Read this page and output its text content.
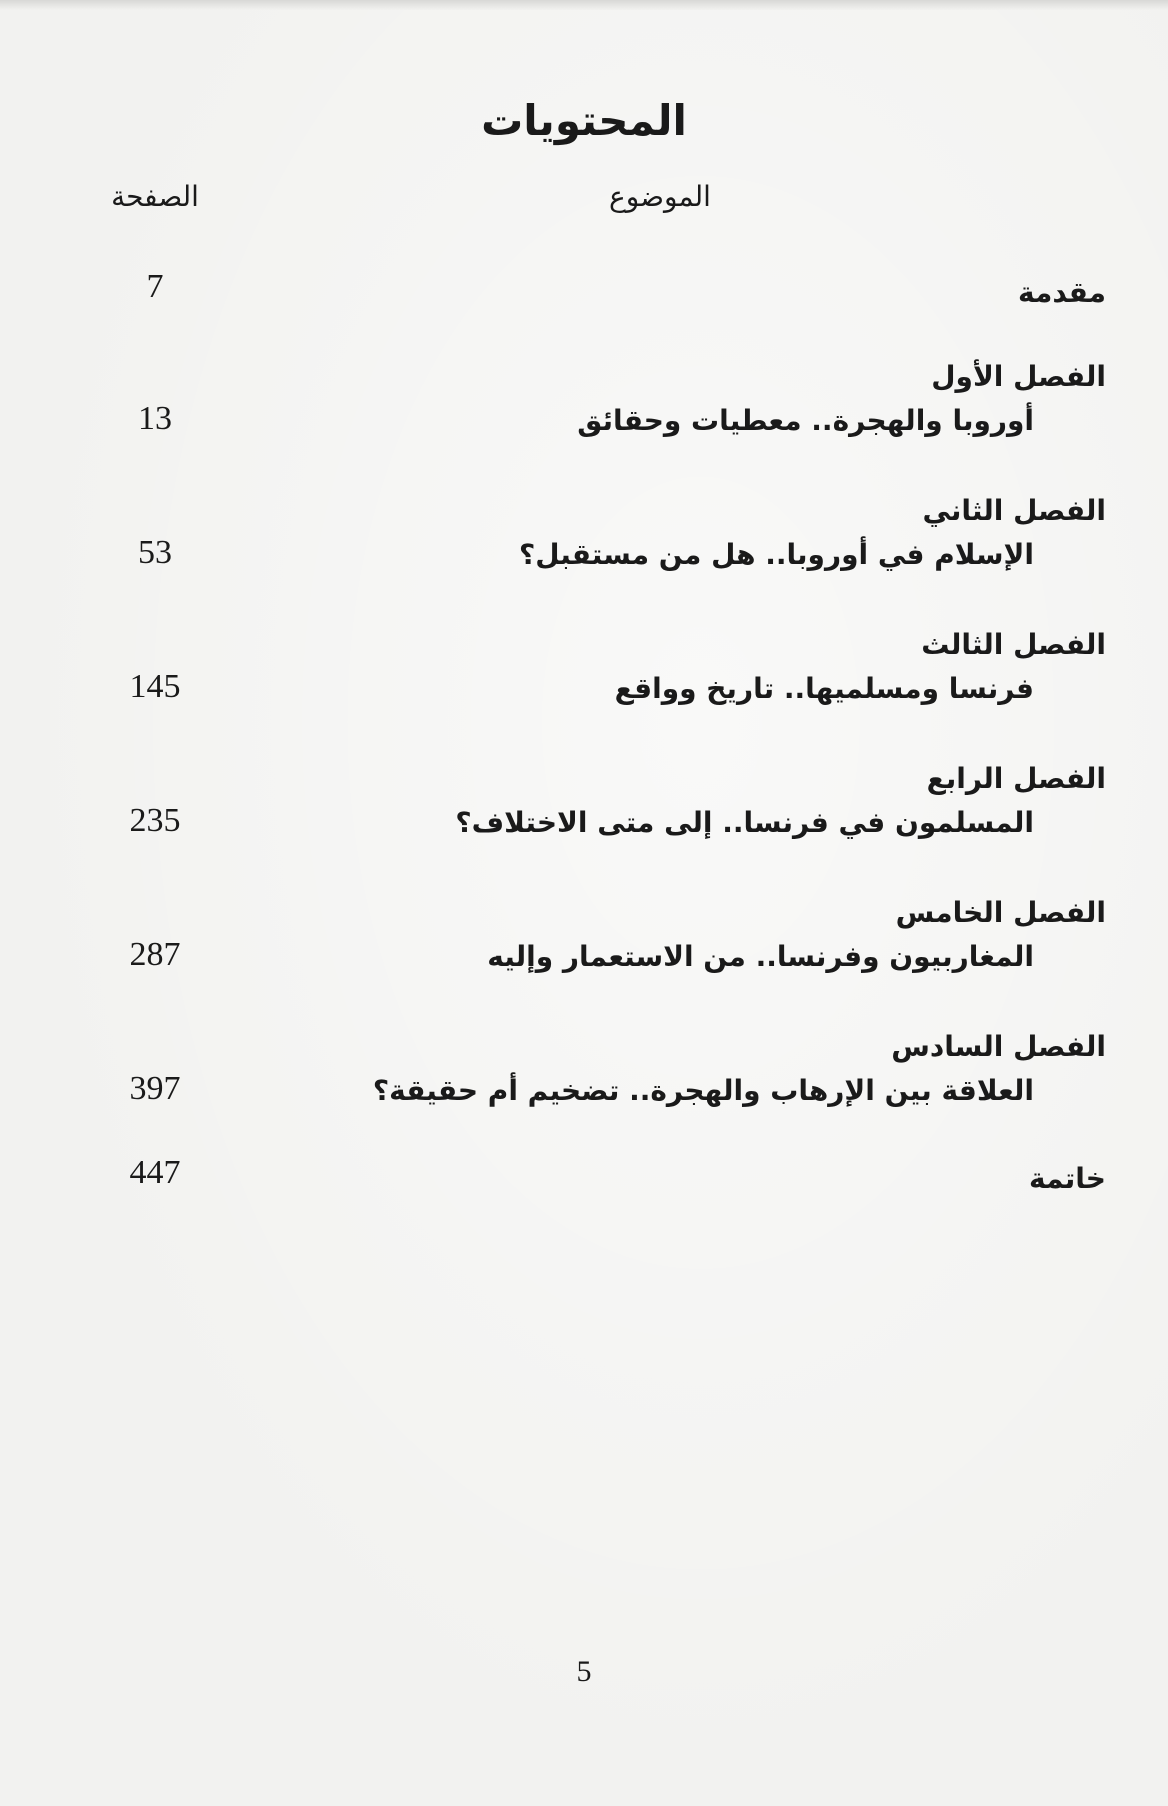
المحتويات
الموضوع
الصفحة
مقدمة
7
الفصل الأول
أوروبا والهجرة.. معطيات وحقائق
13
الفصل الثاني
الإسلام في أوروبا.. هل من مستقبل؟
53
الفصل الثالث
فرنسا ومسلميها.. تاريخ وواقع
145
الفصل الرابع
المسلمون في فرنسا.. إلى متى الاختلاف؟
235
الفصل الخامس
المغاربيون وفرنسا.. من الاستعمار وإليه
287
الفصل السادس
العلاقة بين الإرهاب والهجرة.. تضخيم أم حقيقة؟
397
خاتمة
447
5
